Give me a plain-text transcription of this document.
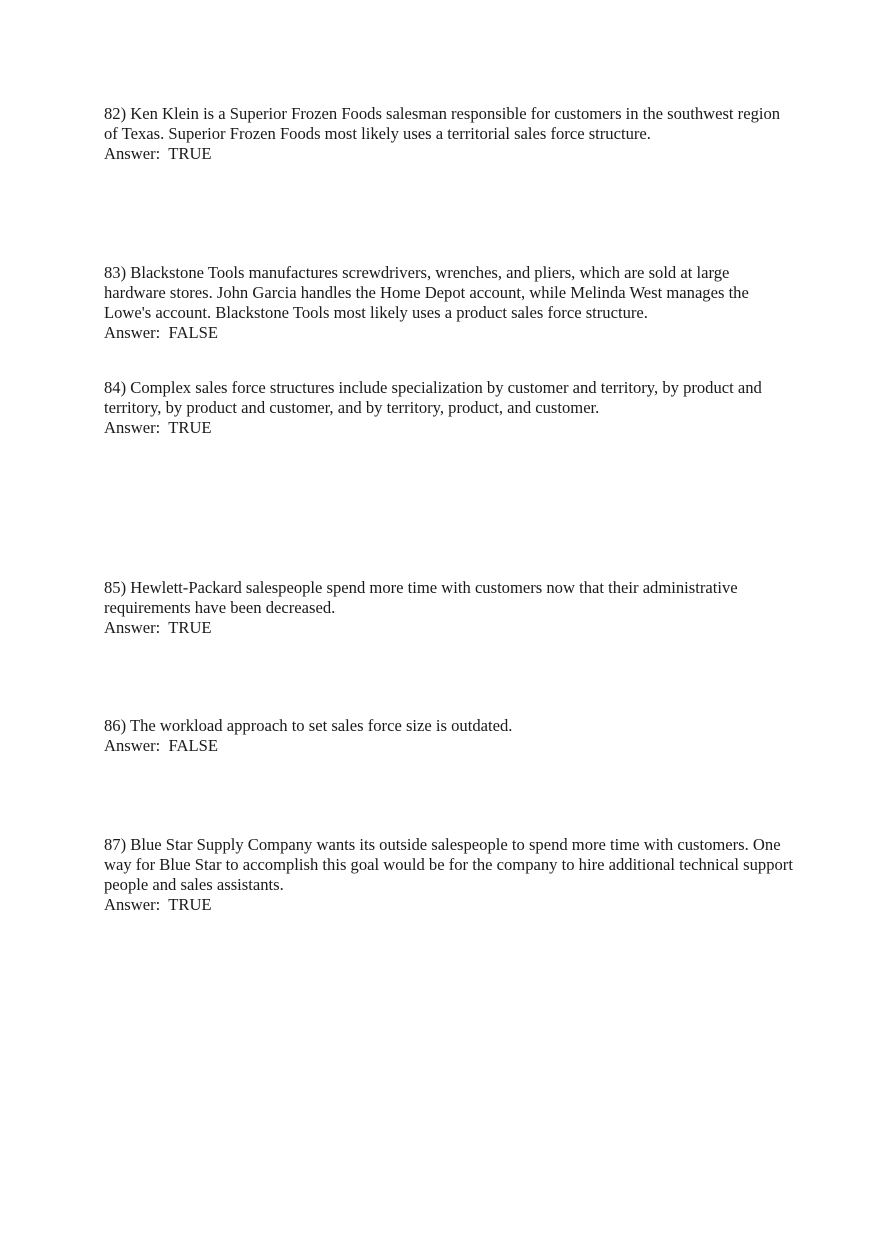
82) Ken Klein is a Superior Frozen Foods salesman responsible for customers in the southwest region of Texas. Superior Frozen Foods most likely uses a territorial sales force structure.

Answer: TRUE

83) Blackstone Tools manufactures screwdrivers, wrenches, and pliers, which are sold at large hardware stores. John Garcia handles the Home Depot account, while Melinda West manages the Lowe's account. Blackstone Tools most likely uses a product sales force structure.

Answer: FALSE

84) Complex sales force structures include specialization by customer and territory, by product and territory, by product and customer, and by territory, product, and customer.

Answer: TRUE

85) Hewlett-Packard salespeople spend more time with customers now that their administrative requirements have been decreased.

Answer: TRUE

86) The workload approach to set sales force size is outdated.

Answer: FALSE

87) Blue Star Supply Company wants its outside salespeople to spend more time with customers. One way for Blue Star to accomplish this goal would be for the company to hire additional technical support people and sales assistants.

Answer: TRUE
